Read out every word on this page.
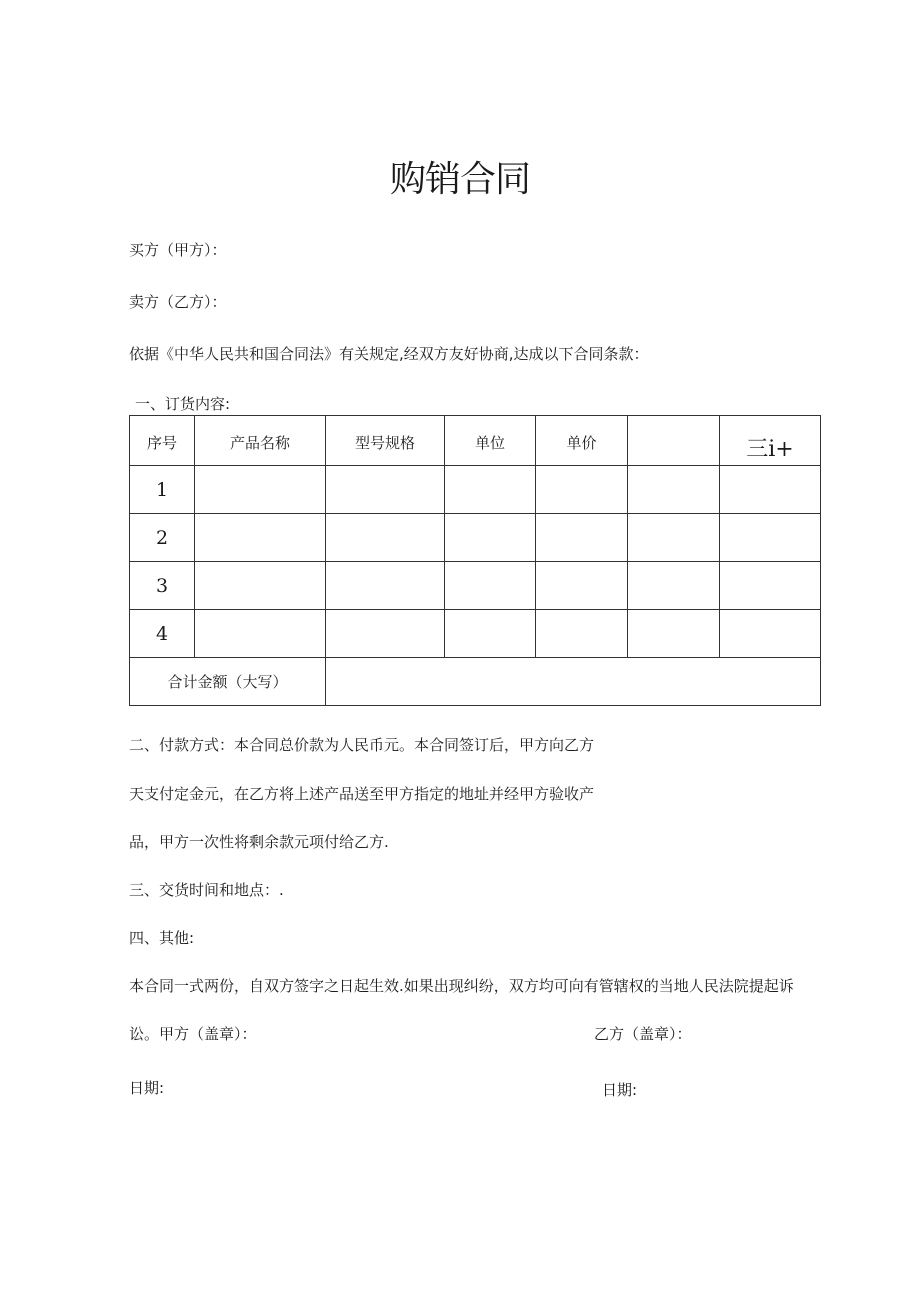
购销合同
买方（甲方）：
卖方（乙方）：
依据《中华人民共和国合同法》有关规定,经双方友好协商,达成以下合同条款：
一、订货内容:
序号	产品名称	型号规格	单位	单价		三i+
1						
2						
3						
4						
合计金额（大写）						
二、付款方式：本合同总价款为人民币元。本合同签订后，甲方向乙方
天支付定金元，在乙方将上述产品送至甲方指定的地址并经甲方验收产
品，甲方一次性将剩余款元项付给乙方.
三、交货时间和地点：.
四、其他:
本合同一式两份，自双方签字之日起生效.如果出现纠纷，双方均可向有管辖权的当地人民法院提起诉
讼。甲方（盖章）：	乙方（盖章）：
日期:	日期:
